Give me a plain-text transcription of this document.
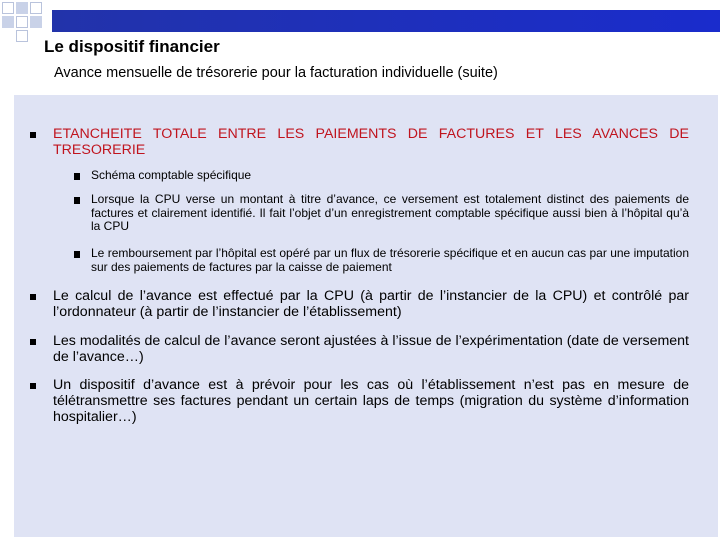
Le dispositif financier
Avance mensuelle de trésorerie pour la facturation individuelle (suite)
ETANCHEITE TOTALE ENTRE LES PAIEMENTS DE FACTURES ET LES AVANCES DE TRESORERIE
Schéma comptable spécifique
Lorsque la CPU verse un montant à titre d’avance, ce versement est totalement distinct des paiements de factures et clairement identifié. Il fait l’objet d’un enregistrement comptable spécifique aussi bien à l’hôpital qu’à la CPU
Le remboursement par l’hôpital est opéré par un flux de trésorerie spécifique et en aucun cas par une imputation sur des paiements de factures par la caisse de paiement
Le calcul de l’avance est effectué par la CPU (à partir de l’instancier de la CPU) et contrôlé par l’ordonnateur (à partir de l’instancier de l’établissement)
Les modalités de calcul de l’avance seront ajustées à l’issue de l’expérimentation (date de versement de l’avance…)
Un dispositif d’avance est à prévoir pour les cas où l’établissement n’est pas en mesure de télétransmettre ses factures pendant un certain laps de temps (migration du système d’information hospitalier…)
